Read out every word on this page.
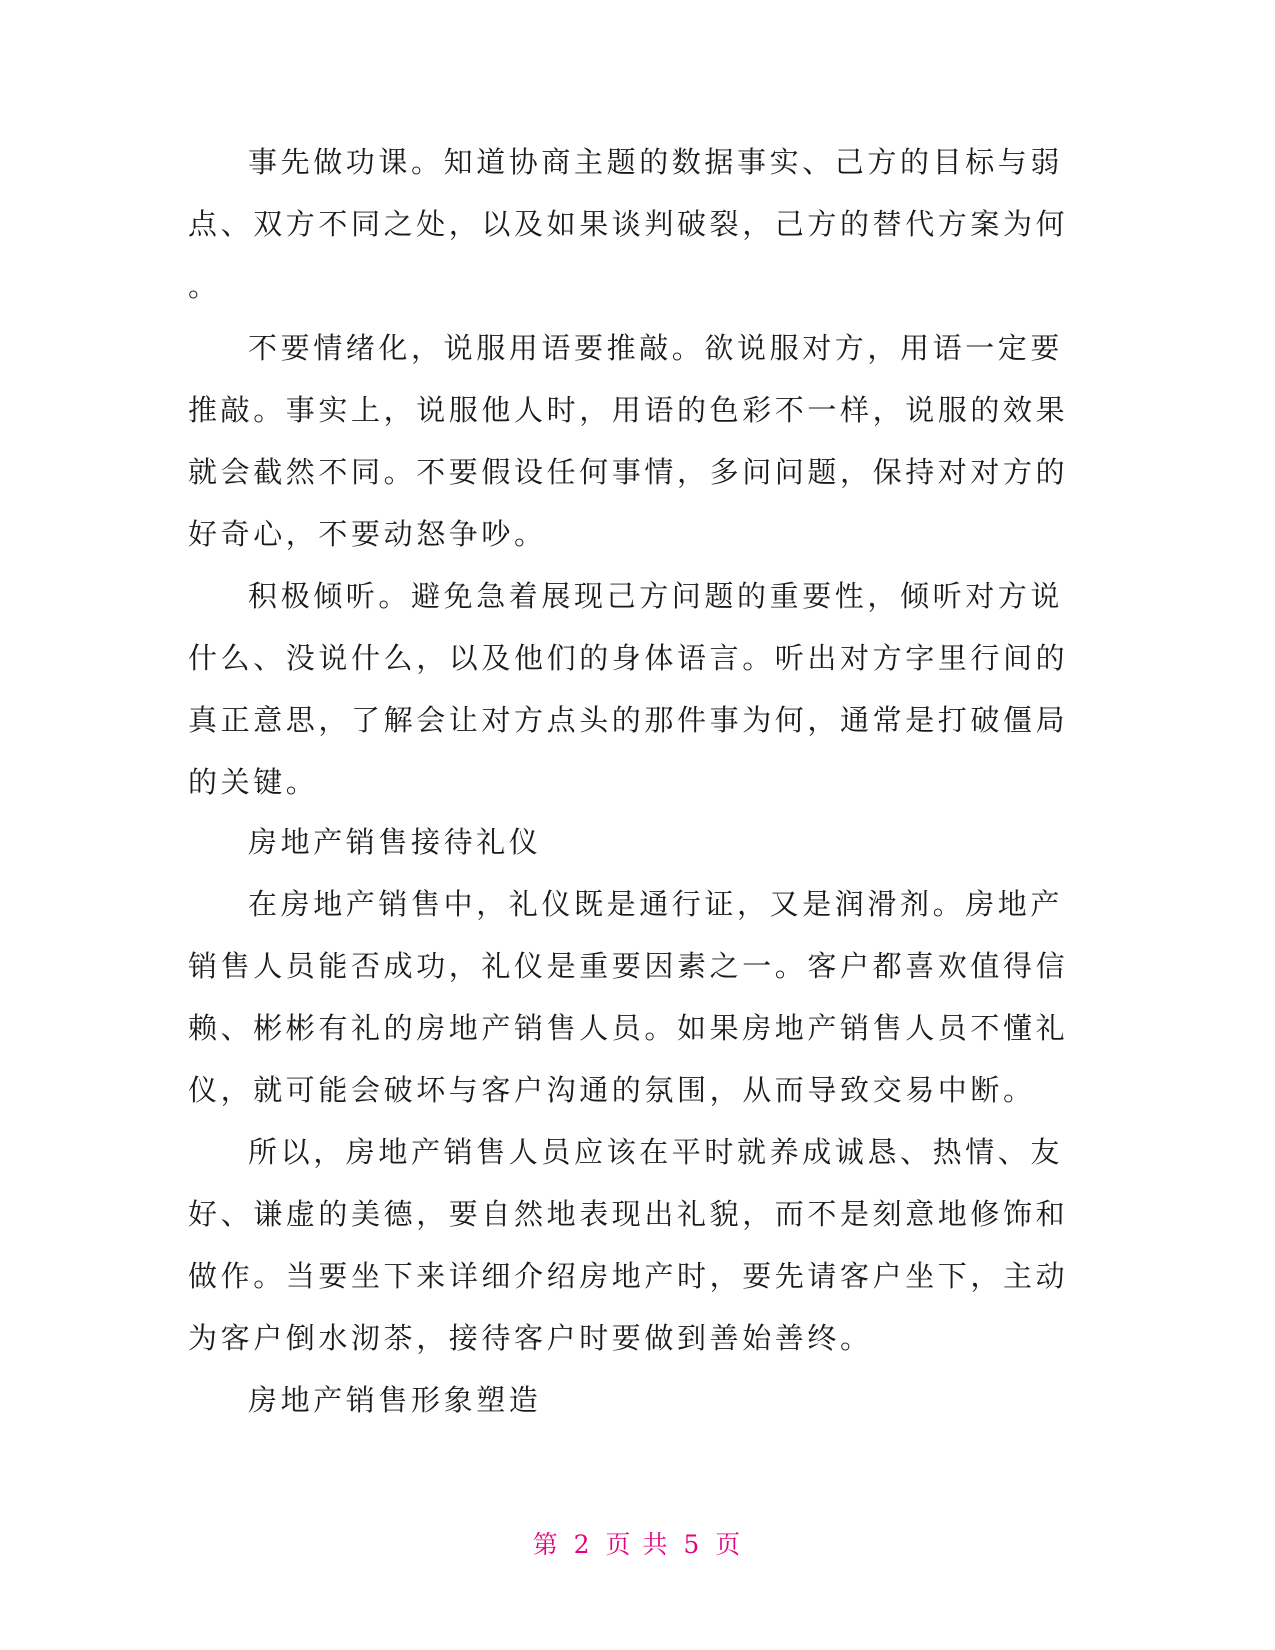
事先做功课。知道协商主题的数据事实、己方的目标与弱
点、双方不同之处，以及如果谈判破裂，己方的替代方案为何
。
不要情绪化，说服用语要推敲。欲说服对方，用语一定要
推敲。事实上，说服他人时，用语的色彩不一样，说服的效果
就会截然不同。不要假设任何事情，多问问题，保持对对方的
好奇心，不要动怒争吵。
积极倾听。避免急着展现己方问题的重要性，倾听对方说
什么、没说什么，以及他们的身体语言。听出对方字里行间的
真正意思，了解会让对方点头的那件事为何，通常是打破僵局
的关键。
房地产销售接待礼仪
在房地产销售中，礼仪既是通行证，又是润滑剂。房地产
销售人员能否成功，礼仪是重要因素之一。客户都喜欢值得信
赖、彬彬有礼的房地产销售人员。如果房地产销售人员不懂礼
仪，就可能会破坏与客户沟通的氛围，从而导致交易中断。
所以，房地产销售人员应该在平时就养成诚恳、热情、友
好、谦虚的美德，要自然地表现出礼貌，而不是刻意地修饰和
做作。当要坐下来详细介绍房地产时，要先请客户坐下，主动
为客户倒水沏茶，接待客户时要做到善始善终。
房地产销售形象塑造
第 2 页 共 5 页
